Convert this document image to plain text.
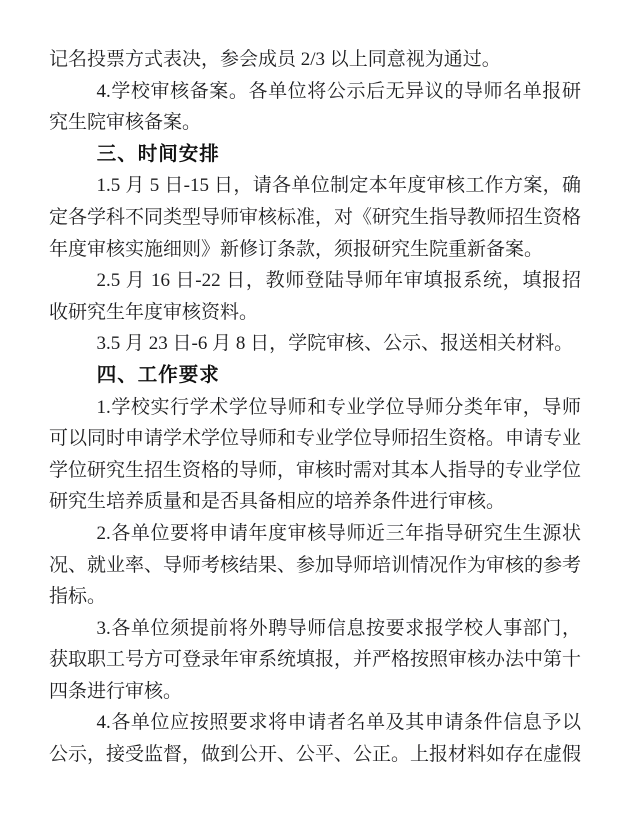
记名投票方式表决，参会成员 2/3 以上同意视为通过。

4.学校审核备案。各单位将公示后无异议的导师名单报研究生院审核备案。

三、时间安排

1.5 月 5 日-15 日，请各单位制定本年度审核工作方案，确定各学科不同类型导师审核标准，对《研究生指导教师招生资格年度审核实施细则》新修订条款，须报研究生院重新备案。

2.5 月 16 日-22 日，教师登陆导师年审填报系统，填报招收研究生年度审核资料。

3.5 月 23 日-6 月 8 日，学院审核、公示、报送相关材料。

四、工作要求

1.学校实行学术学位导师和专业学位导师分类年审，导师可以同时申请学术学位导师和专业学位导师招生资格。申请专业学位研究生招生资格的导师，审核时需对其本人指导的专业学位研究生培养质量和是否具备相应的培养条件进行审核。

2.各单位要将申请年度审核导师近三年指导研究生生源状况、就业率、导师考核结果、参加导师培训情况作为审核的参考指标。

3.各单位须提前将外聘导师信息按要求报学校人事部门，获取职工号方可登录年审系统填报，并严格按照审核办法中第十四条进行审核。

4.各单位应按照要求将申请者名单及其申请条件信息予以公示，接受监督，做到公开、公平、公正。上报材料如存在虚假
